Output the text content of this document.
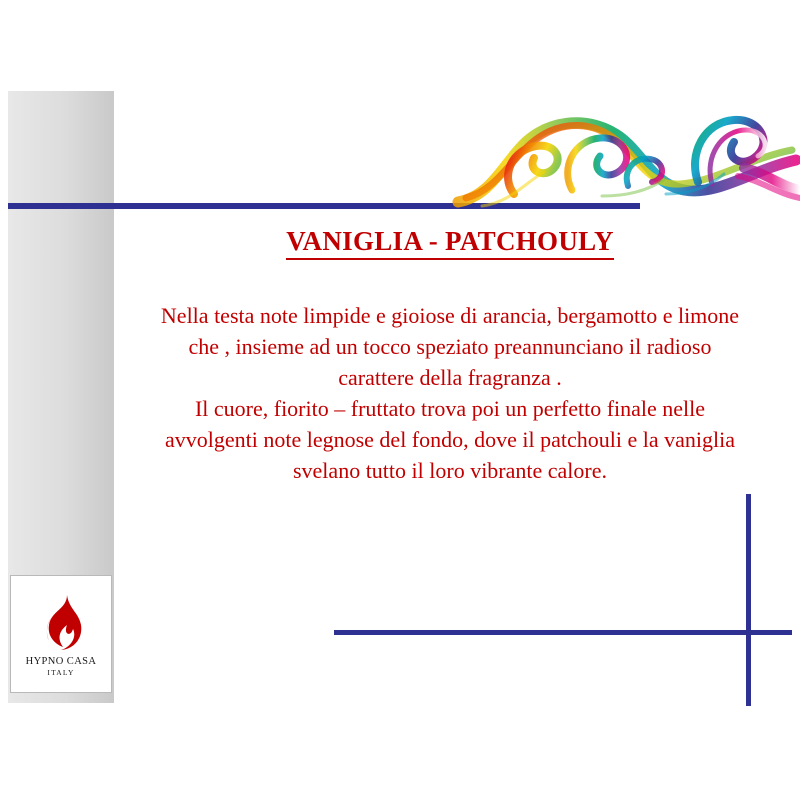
HYPNO CASA
ITALY
VANIGLIA - PATCHOULY

Nella testa note limpide e gioiose di arancia, bergamotto e limone che , insieme ad un tocco speziato preannunciano il radioso carattere della fragranza .

Il cuore, fiorito – fruttato trova poi un perfetto finale nelle avvolgenti note legnose del fondo, dove il patchouli e la vaniglia svelano tutto il loro vibrante calore.
